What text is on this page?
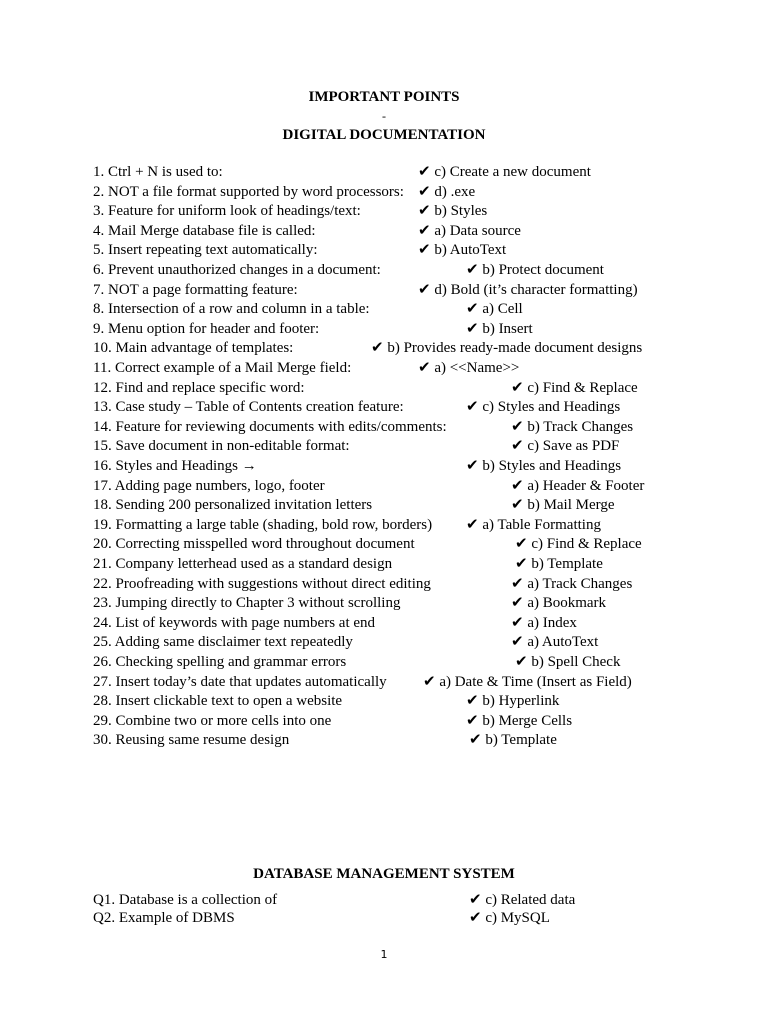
IMPORTANT POINTS
-
DIGITAL DOCUMENTATION
1. Ctrl + N is used to:	✔ c) Create a new document
2. NOT a file format supported by word processors: ✔ d) .exe
3. Feature for uniform look of headings/text:	✔ b) Styles
4. Mail Merge database file is called:	✔ a) Data source
5. Insert repeating text automatically:	✔ b) AutoText
6. Prevent unauthorized changes in a document:	✔ b) Protect document
7. NOT a page formatting feature:	✔ d) Bold (it’s character formatting)
8. Intersection of a row and column in a table:	✔ a) Cell
9. Menu option for header and footer:	✔ b) Insert
10. Main advantage of templates:	✔ b) Provides ready-made document designs
11. Correct example of a Mail Merge field:	✔ a) <<Name>>
12. Find and replace specific word:	✔ c) Find & Replace
13. Case study – Table of Contents creation feature:	✔ c) Styles and Headings
14. Feature for reviewing documents with edits/comments:	✔ b) Track Changes
15. Save document in non-editable format:	✔ c) Save as PDF
16. Styles and Headings →	✔ b) Styles and Headings
17. Adding page numbers, logo, footer	✔ a) Header & Footer
18. Sending 200 personalized invitation letters	✔ b) Mail Merge
19. Formatting a large table (shading, bold row, borders) ✔ a) Table Formatting
20. Correcting misspelled word throughout document	✔ c) Find & Replace
21. Company letterhead used as a standard design	✔ b) Template
22. Proofreading with suggestions without direct editing	✔ a) Track Changes
23. Jumping directly to Chapter 3 without scrolling	✔ a) Bookmark
24. List of keywords with page numbers at end	✔ a) Index
25. Adding same disclaimer text repeatedly	✔ a) AutoText
26. Checking spelling and grammar errors	✔ b) Spell Check
27. Insert today’s date that updates automatically ✔ a) Date & Time (Insert as Field)
28. Insert clickable text to open a website	✔ b) Hyperlink
29. Combine two or more cells into one	✔ b) Merge Cells
30. Reusing same resume design	✔ b) Template
DATABASE MANAGEMENT SYSTEM
Q1. Database is a collection of	✔ c) Related data
Q2. Example of DBMS	✔ c) MySQL
1
